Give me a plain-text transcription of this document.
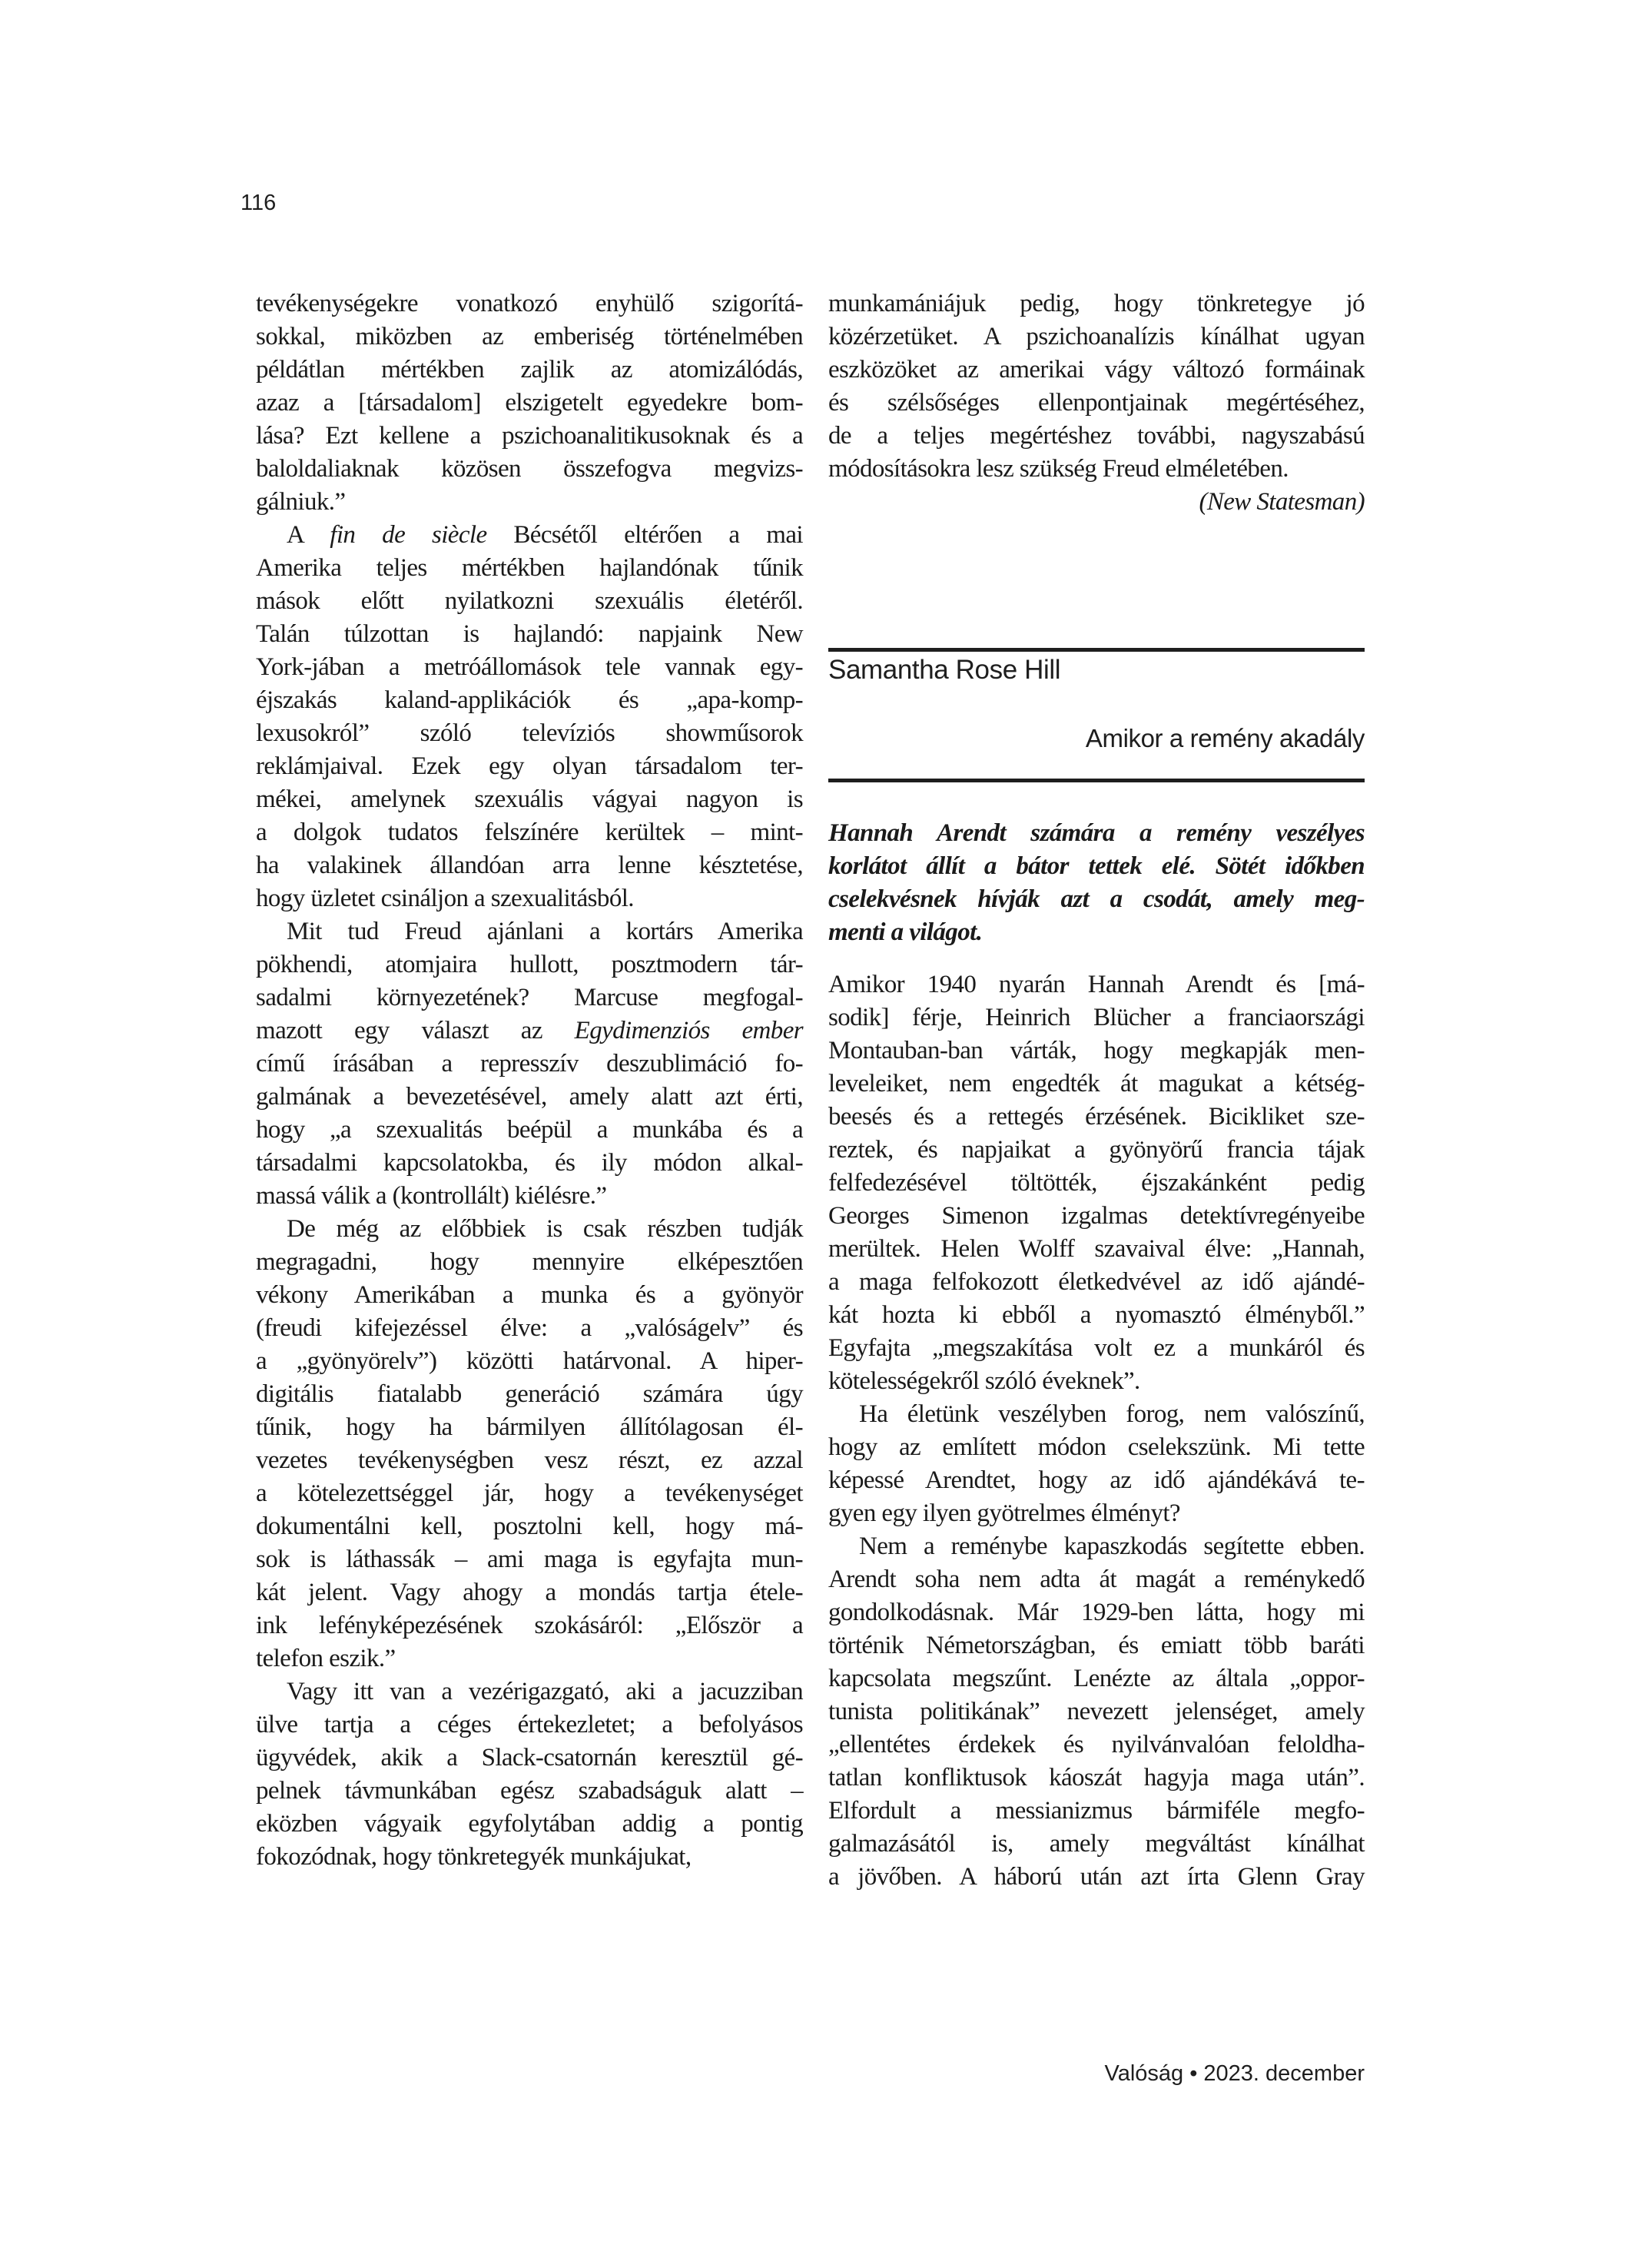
116
tevékenységekre vonatkozó enyhülő szigorítá-
sokkal, miközben az emberiség történelmében
példátlan mértékben zajlik az atomizálódás,
azaz a [társadalom] elszigetelt egyedekre bom-
lása? Ezt kellene a pszichoanalitikusoknak és a
baloldaliaknak közösen összefogva megvizs-
gálniuk.”
A fin de siècle Bécsétől eltérően a mai
Amerika teljes mértékben hajlandónak tűnik
mások előtt nyilatkozni szexuális életéről.
Talán túlzottan is hajlandó: napjaink New
York-jában a metróállomások tele vannak egy-
éjszakás kaland-applikációk és „apa-komp-
lexusokról” szóló televíziós showműsorok
reklámjaival. Ezek egy olyan társadalom ter-
mékei, amelynek szexuális vágyai nagyon is
a dolgok tudatos felszínére kerültek – mint-
ha valakinek állandóan arra lenne késztetése,
hogy üzletet csináljon a szexualitásból.
Mit tud Freud ajánlani a kortárs Amerika
pökhendi, atomjaira hullott, posztmodern tár-
sadalmi környezetének? Marcuse megfogal-
mazott egy választ az Egydimenziós ember
című írásában a represszív deszublimáció fo-
galmának a bevezetésével, amely alatt azt érti,
hogy „a szexualitás beépül a munkába és a
társadalmi kapcsolatokba, és ily módon alkal-
massá válik a (kontrollált) kiélésre.”
De még az előbbiek is csak részben tudják
megragadni, hogy mennyire elképesztően
vékony Amerikában a munka és a gyönyör
(freudi kifejezéssel élve: a „valóságelv” és
a „gyönyörelv”) közötti határvonal. A hiper-
digitális fiatalabb generáció számára úgy
tűnik, hogy ha bármilyen állítólagosan él-
vezetes tevékenységben vesz részt, ez azzal
a kötelezettséggel jár, hogy a tevékenységet
dokumentálni kell, posztolni kell, hogy má-
sok is láthassák – ami maga is egyfajta mun-
kát jelent. Vagy ahogy a mondás tartja étele-
ink lefényképezésének szokásáról: „Először a
telefon eszik.”
Vagy itt van a vezérigazgató, aki a jacuzziban
ülve tartja a céges értekezletet; a befolyásos
ügyvédek, akik a Slack-csatornán keresztül gé-
pelnek távmunkában egész szabadságuk alatt –
eközben vágyaik egyfolytában addig a pontig
fokozódnak, hogy tönkretegyék munkájukat,
munkamániájuk pedig, hogy tönkretegye jó
közérzetüket. A pszichoanalízis kínálhat ugyan
eszközöket az amerikai vágy változó formáinak
és szélsőséges ellenpontjainak megértéséhez,
de a teljes megértéshez további, nagyszabású
módosításokra lesz szükség Freud elméletében.
(New Statesman)
Hannah Arendt számára a remény veszélyes
korlátot állít a bátor tettek elé. Sötét időkben
cselekvésnek hívják azt a csodát, amely meg-
menti a világot.
Amikor 1940 nyarán Hannah Arendt és [má-
sodik] férje, Heinrich Blücher a franciaországi
Montauban-ban várták, hogy megkapják men-
leveleiket, nem engedték át magukat a kétség-
beesés és a rettegés érzésének. Bicikliket sze-
reztek, és napjaikat a gyönyörű francia tájak
felfedezésével töltötték, éjszakánként pedig
Georges Simenon izgalmas detektívregényeibe
merültek. Helen Wolff szavaival élve: „Hannah,
a maga felfokozott életkedvével az idő ajándé-
kát hozta ki ebből a nyomasztó élményből.”
Egyfajta „megszakítása volt ez a munkáról és
kötelességekről szóló éveknek”.
Ha életünk veszélyben forog, nem valószínű,
hogy az említett módon cselekszünk. Mi tette
képessé Arendtet, hogy az idő ajándékává te-
gyen egy ilyen gyötrelmes élményt?
Nem a reménybe kapaszkodás segítette ebben.
Arendt soha nem adta át magát a reménykedő
gondolkodásnak. Már 1929-ben látta, hogy mi
történik Németországban, és emiatt több baráti
kapcsolata megszűnt. Lenézte az általa „oppor-
tunista politikának” nevezett jelenséget, amely
„ellentétes érdekek és nyilvánvalóan feloldha-
tatlan konfliktusok káoszát hagyja maga után”.
Elfordult a messianizmus bármiféle megfo-
galmazásától is, amely megváltást kínálhat
a jövőben. A háború után azt írta Glenn Gray
Samantha Rose Hill
Amikor a remény akadály
Valóság • 2023. december
